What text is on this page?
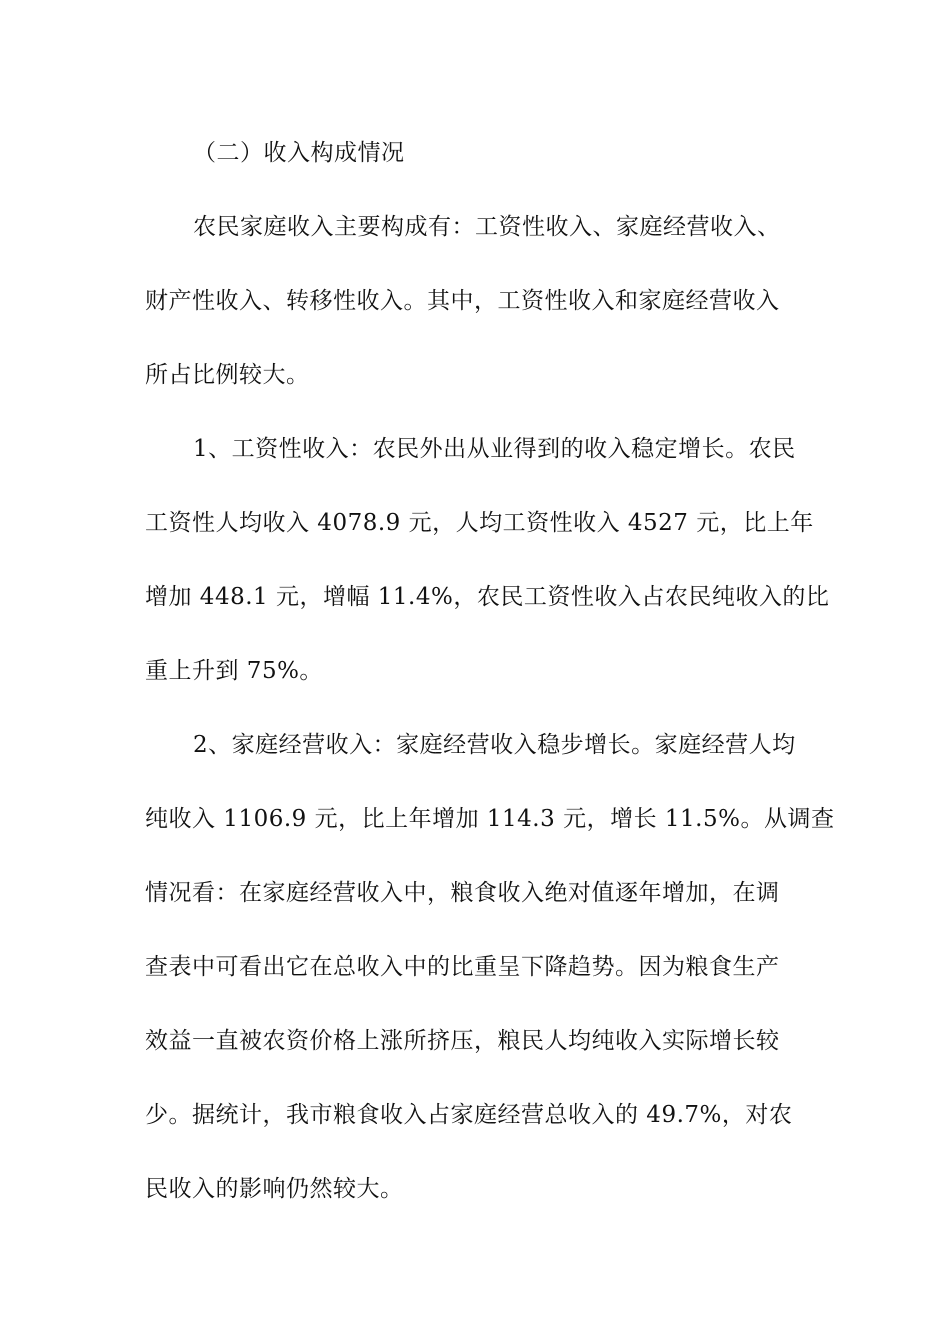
（二）收入构成情况
农民家庭收入主要构成有：工资性收入、家庭经营收入、
财产性收入、转移性收入。其中，工资性收入和家庭经营收入
所占比例较大。
1、工资性收入：农民外出从业得到的收入稳定增长。农民
工资性人均收入 4078.9 元，人均工资性收入 4527 元，比上年
增加 448.1 元，增幅 11.4%，农民工资性收入占农民纯收入的比
重上升到 75%。
2、家庭经营收入：家庭经营收入稳步增长。家庭经营人均
纯收入 1106.9 元，比上年增加 114.3 元，增长 11.5%。从调查
情况看：在家庭经营收入中，粮食收入绝对值逐年增加，在调
查表中可看出它在总收入中的比重呈下降趋势。因为粮食生产
效益一直被农资价格上涨所挤压，粮民人均纯收入实际增长较
少。据统计，我市粮食收入占家庭经营总收入的 49.7%，对农
民收入的影响仍然较大。
